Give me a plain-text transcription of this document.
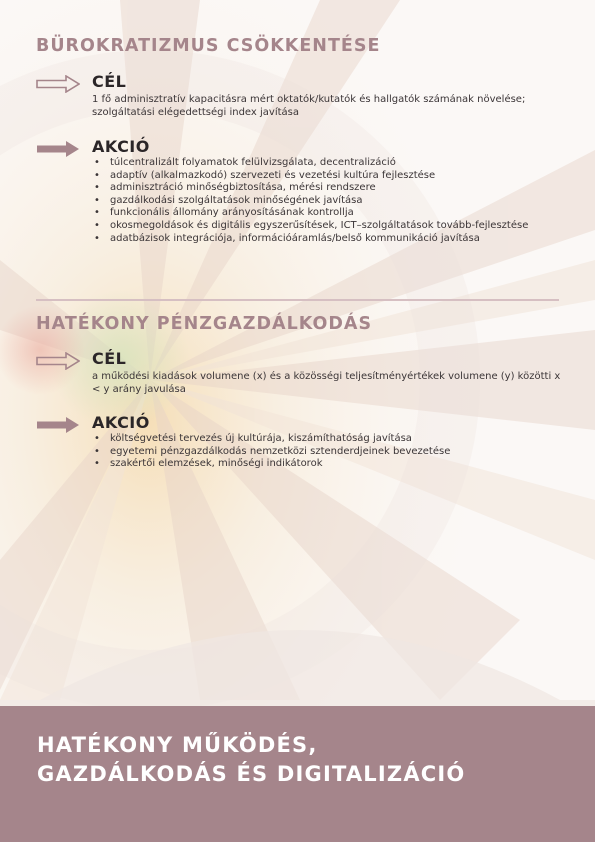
BÜROKRATIZMUS CSÖKKENTÉSE
CÉL

1 fő adminisztratív kapacitásra mért oktatók/kutatók és hallgatók számának növelése; szolgáltatási elégedettségi index javítása

AKCIÓ
• túlcentralizált folyamatok felülvizsgálata, decentralizáció
• adaptív (alkalmazkodó) szervezeti és vezetési kultúra fejlesztése
• adminisztráció minőségbiztosítása, mérési rendszere
• gazdálkodási szolgáltatások minőségének javítása
• funkcionális állomány arányosításának kontrollja
• okosmegoldások és digitális egyszerűsítések, ICT–szolgáltatások tovább-fejlesztése
• adatbázisok integrációja, információáramlás/belső kommunikáció javítása
HATÉKONY PÉNZGAZDÁLKODÁS
CÉL

a működési kiadások volumene (x) és a közösségi teljesítményértékek volumene (y) közötti x < y arány javulása

AKCIÓ
• költségvetési tervezés új kultúrája, kiszámíthatóság javítása
• egyetemi pénzgazdálkodás nemzetközi sztenderdjeinek bevezetése
• szakértői elemzések, minőségi indikátorok
HATÉKONY MŰKÖDÉS,
GAZDÁLKODÁS ÉS DIGITALIZÁCIÓ
